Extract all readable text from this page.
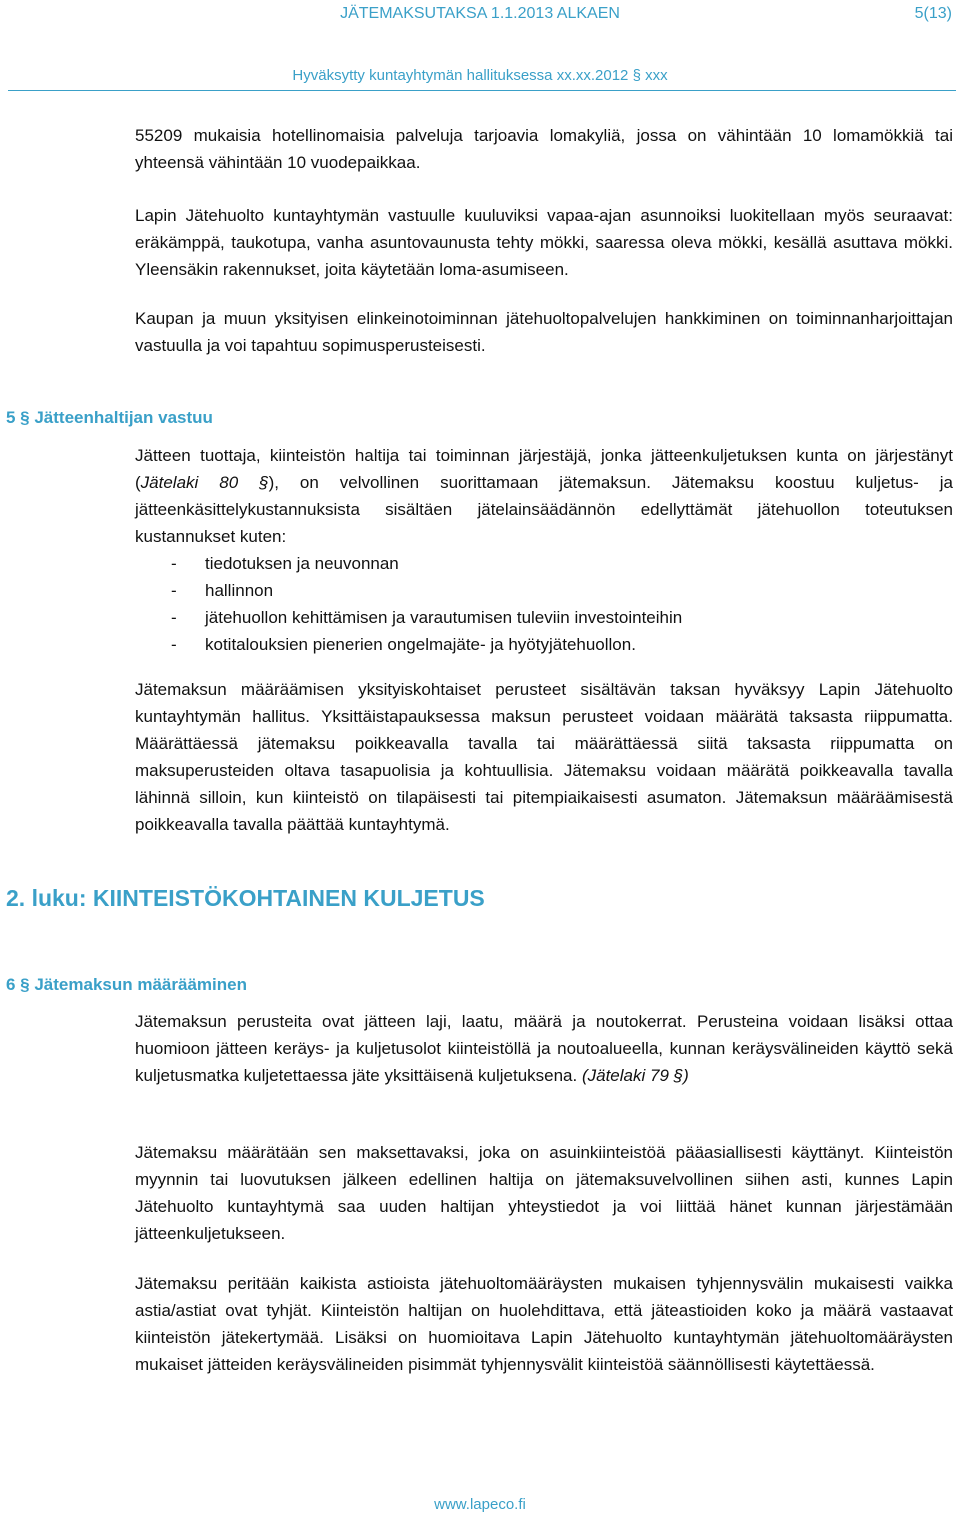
JÄTEMAKSUTAKSA 1.1.2013 ALKAEN	5(13)
Hyväksytty kuntayhtymän hallituksessa xx.xx.2012 § xxx

55209 mukaisia hotellinomaisia palveluja tarjoavia lomakyliä, jossa on vähintään 10 lomamökkiä tai yhteensä vähintään 10 vuodepaikkaa.

Lapin Jätehuolto kuntayhtymän vastuulle kuuluviksi vapaa-ajan asunnoiksi luokitellaan myös seuraavat: eräkämppä, taukotupa, vanha asuntovaunusta tehty mökki, saaressa oleva mökki, kesällä asuttava mökki. Yleensäkin rakennukset, joita käytetään loma-asumiseen.

Kaupan ja muun yksityisen elinkeinotoiminnan jätehuoltopalvelujen hankkiminen on toiminnanharjoittajan vastuulla ja voi tapahtuu sopimusperusteisesti.

5 § Jätteenhaltijan vastuu

Jätteen tuottaja, kiinteistön haltija tai toiminnan järjestäjä, jonka jätteenkuljetuksen kunta on järjestänyt (Jätelaki 80 §), on velvollinen suorittamaan jätemaksun. Jätemaksu koostuu kuljetus- ja jätteenkäsittelykustannuksista sisältäen jätelainsäädännön edellyttämät jätehuollon toteutuksen kustannukset kuten:

- tiedotuksen ja neuvonnan
- hallinnon
- jätehuollon kehittämisen ja varautumisen tuleviin investointeihin
- kotitalouksien pienerien ongelmajäte- ja hyötyjätehuollon.

Jätemaksun määräämisen yksityiskohtaiset perusteet sisältävän taksan hyväksyy Lapin Jätehuolto kuntayhtymän hallitus. Yksittäistapauksessa maksun perusteet voidaan määrätä taksasta riippumatta. Määrättäessä jätemaksu poikkeavalla tavalla tai määrättäessä siitä taksasta riippumatta on maksuperusteiden oltava tasapuolisia ja kohtuullisia. Jätemaksu voidaan määrätä poikkeavalla tavalla lähinnä silloin, kun kiinteistö on tilapäisesti tai pitempiaikaisesti asumaton. Jätemaksun määräämisestä poikkeavalla tavalla päättää kuntayhtymä.

2. luku: KIINTEISTÖKOHTAINEN KULJETUS
6 § Jätemaksun määrääminen

Jätemaksun perusteita ovat jätteen laji, laatu, määrä ja noutokerrat. Perusteina voidaan lisäksi ottaa huomioon jätteen keräys- ja kuljetusolot kiinteistöllä ja noutoalueella, kunnan keräysvälineiden käyttö sekä kuljetusmatka kuljetettaessa jäte yksittäisenä kuljetuksena. (Jätelaki 79 §)

Jätemaksu määrätään sen maksettavaksi, joka on asuinkiinteistöä pääasiallisesti käyttänyt. Kiinteistön myynnin tai luovutuksen jälkeen edellinen haltija on jätemaksuvelvollinen siihen asti, kunnes Lapin Jätehuolto kuntayhtymä saa uuden haltijan yhteystiedot ja voi liittää hänet kunnan järjestämään jätteenkuljetukseen.

Jätemaksu peritään kaikista astioista jätehuoltomääräysten mukaisen tyhjennysvälin mukaisesti vaikka astia/astiat ovat tyhjät. Kiinteistön haltijan on huolehdittava, että jäteastioiden koko ja määrä vastaavat kiinteistön jätekertymää. Lisäksi on huomioitava Lapin Jätehuolto kuntayhtymän jätehuoltomääräysten mukaiset jätteiden keräysvälineiden pisimmät tyhjennysvälit kiinteistöä säännöllisesti käytettäessä.

www.lapeco.fi
